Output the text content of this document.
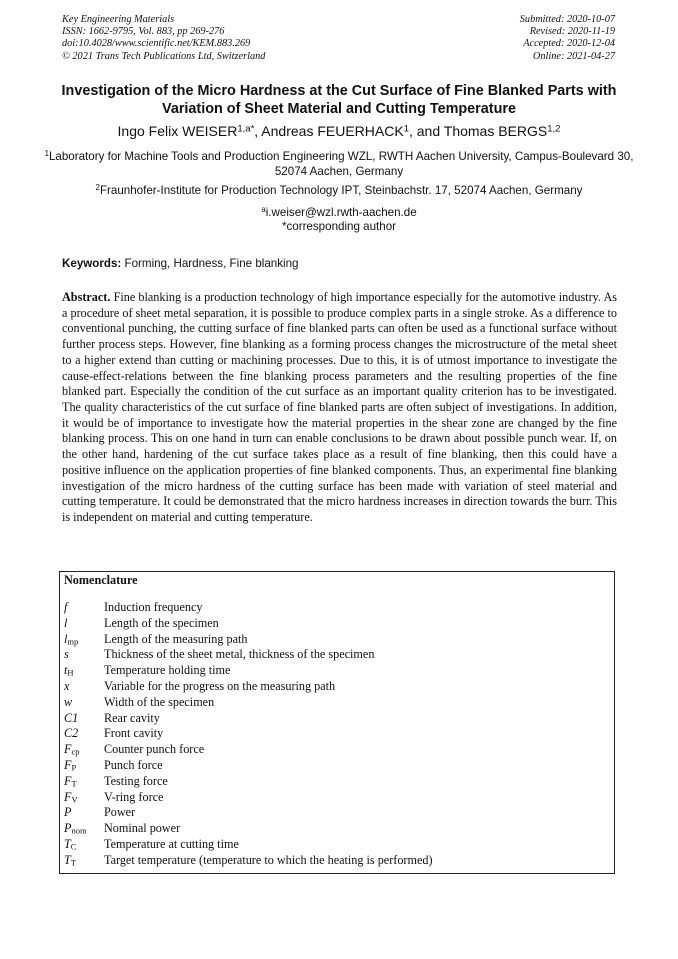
Key Engineering Materials
ISSN: 1662-9795, Vol. 883, pp 269-276
doi:10.4028/www.scientific.net/KEM.883.269
© 2021 Trans Tech Publications Ltd, Switzerland
Submitted: 2020-10-07
Revised: 2020-11-19
Accepted: 2020-12-04
Online: 2021-04-27
Investigation of the Micro Hardness at the Cut Surface of Fine Blanked Parts with Variation of Sheet Material and Cutting Temperature
Ingo Felix $WEISER^{1,a*}$, Andreas FEUERHACK$^1$, and Thomas BERGS$^{1,2}$
$^1$Laboratory for Machine Tools and Production Engineering WZL, RWTH Aachen University, Campus-Boulevard 30, 52074 Aachen, Germany
$^2$Fraunhofer-Institute for Production Technology IPT, Steinbachstr. 17, 52074 Aachen, Germany
$^a$i.weiser@wzl.rwth-aachen.de
*corresponding author
Keywords: Forming, Hardness, Fine blanking

Abstract. Fine blanking is a production technology of high importance especially for the automotive industry. As a procedure of sheet metal separation, it is possible to produce complex parts in a single stroke. As a difference to conventional punching, the cutting surface of fine blanked parts can often be used as a functional surface without further process steps. However, fine blanking as a forming process changes the microstructure of the metal sheet to a higher extend than cutting or machining processes. Due to this, it is of utmost importance to investigate the cause-effect-relations between the fine blanking process parameters and the resulting properties of the fine blanked part. Especially the condition of the cut surface as an important quality criterion has to be investigated. The quality characteristics of the cut surface of fine blanked parts are often subject of investigations. In addition, it would be of importance to investigate how the material properties in the shear zone are changed by the fine blanking process. This on one hand in turn can enable conclusions to be drawn about possible punch wear. If, on the other hand, hardening of the cut surface takes place as a result of fine blanking, then this could have a positive influence on the application properties of fine blanked components. Thus, an experimental fine blanking investigation of the micro hardness of the cutting surface has been made with variation of steel material and cutting temperature. It could be demonstrated that the micro hardness increases in direction towards the burr. This is independent on material and cutting temperature.

Nomenclature
f	Induction frequency
l	Length of the specimen
$l_{mp}$ Length of the measuring path
s	Thickness of the sheet metal, thickness of the specimen
$t_H$ Temperature holding time
x	Variable for the progress on the measuring path
w	Width of the specimen
C1 Rear cavity
C2 Front cavity
$F_{cp}$ Counter punch force
$F_P$ Punch force
$F_T$ Testing force
$F_V$ V-ring force
P	Power
$P_{nom}$ Nominal power
$T_C$ Temperature at cutting time
$T_T$ Target temperature (temperature to which the heating is performed)
